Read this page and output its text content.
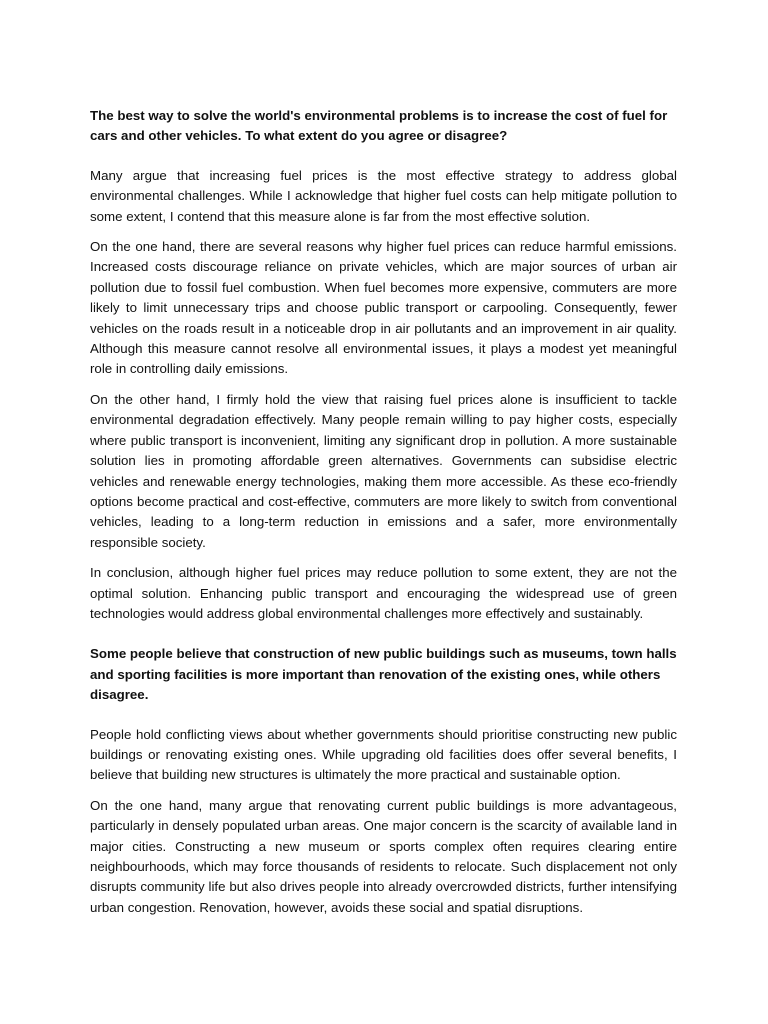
The best way to solve the world's environmental problems is to increase the cost of fuel for cars and other vehicles. To what extent do you agree or disagree?

Many argue that increasing fuel prices is the most effective strategy to address global environmental challenges. While I acknowledge that higher fuel costs can help mitigate pollution to some extent, I contend that this measure alone is far from the most effective solution.

On the one hand, there are several reasons why higher fuel prices can reduce harmful emissions. Increased costs discourage reliance on private vehicles, which are major sources of urban air pollution due to fossil fuel combustion. When fuel becomes more expensive, commuters are more likely to limit unnecessary trips and choose public transport or carpooling. Consequently, fewer vehicles on the roads result in a noticeable drop in air pollutants and an improvement in air quality. Although this measure cannot resolve all environmental issues, it plays a modest yet meaningful role in controlling daily emissions.

On the other hand, I firmly hold the view that raising fuel prices alone is insufficient to tackle environmental degradation effectively. Many people remain willing to pay higher costs, especially where public transport is inconvenient, limiting any significant drop in pollution. A more sustainable solution lies in promoting affordable green alternatives. Governments can subsidise electric vehicles and renewable energy technologies, making them more accessible. As these eco-friendly options become practical and cost-effective, commuters are more likely to switch from conventional vehicles, leading to a long-term reduction in emissions and a safer, more environmentally responsible society.

In conclusion, although higher fuel prices may reduce pollution to some extent, they are not the optimal solution. Enhancing public transport and encouraging the widespread use of green technologies would address global environmental challenges more effectively and sustainably.

Some people believe that construction of new public buildings such as museums, town halls and sporting facilities is more important than renovation of the existing ones, while others disagree.

People hold conflicting views about whether governments should prioritise constructing new public buildings or renovating existing ones. While upgrading old facilities does offer several benefits, I believe that building new structures is ultimately the more practical and sustainable option.

On the one hand, many argue that renovating current public buildings is more advantageous, particularly in densely populated urban areas. One major concern is the scarcity of available land in major cities. Constructing a new museum or sports complex often requires clearing entire neighbourhoods, which may force thousands of residents to relocate. Such displacement not only disrupts community life but also drives people into already overcrowded districts, further intensifying urban congestion. Renovation, however, avoids these social and spatial disruptions.
